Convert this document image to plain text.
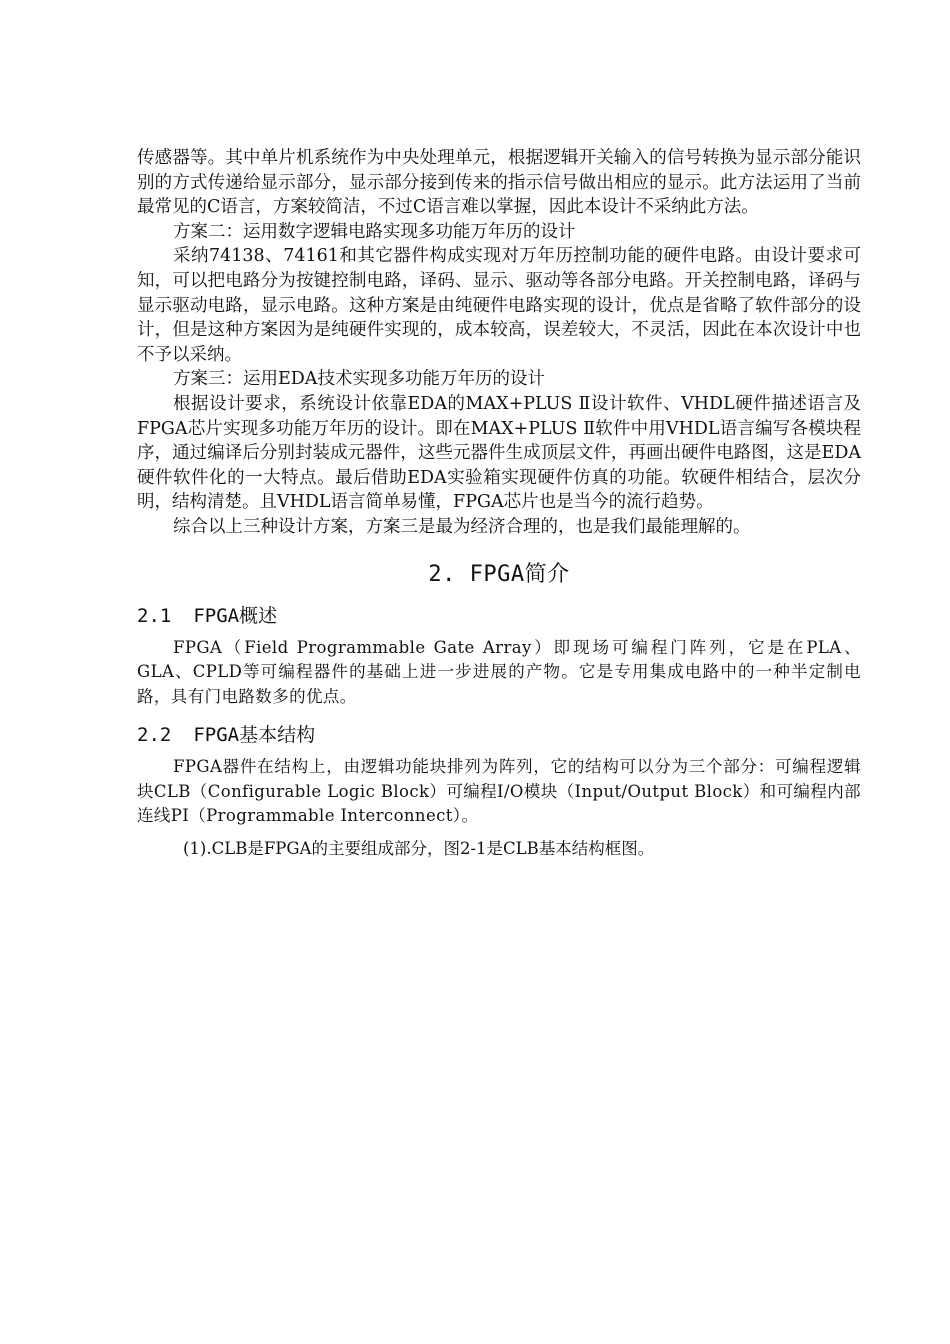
传感器等。其中单片机系统作为中央处理单元，根据逻辑开关输入的信号转换为显示部分能识别的方式传递给显示部分，显示部分接到传来的指示信号做出相应的显示。此方法运用了当前最常见的C语言，方案较简洁，不过C语言难以掌握，因此本设计不采纳此方法。

方案二：运用数字逻辑电路实现多功能万年历的设计

采纳74138、74161和其它器件构成实现对万年历控制功能的硬件电路。由设计要求可知，可以把电路分为按键控制电路，译码、显示、驱动等各部分电路。开关控制电路，译码与显示驱动电路，显示电路。这种方案是由纯硬件电路实现的设计，优点是省略了软件部分的设计，但是这种方案因为是纯硬件实现的，成本较高，误差较大，不灵活，因此在本次设计中也不予以采纳。

方案三：运用EDA技术实现多功能万年历的设计

根据设计要求，系统设计依靠EDA的MAX+PLUS Ⅱ设计软件、VHDL硬件描述语言及FPGA芯片实现多功能万年历的设计。即在MAX+PLUS Ⅱ软件中用VHDL语言编写各模块程序，通过编译后分别封装成元器件，这些元器件生成顶层文件，再画出硬件电路图，这是EDA硬件软件化的一大特点。最后借助EDA实验箱实现硬件仿真的功能。软硬件相结合，层次分明，结构清楚。且VHDL语言简单易懂，FPGA芯片也是当今的流行趋势。

综合以上三种设计方案，方案三是最为经济合理的，也是我们最能理解的。

2. FPGA简介
2.1 FPGA概述

FPGA（Field Programmable Gate Array）即现场可编程门阵列，它是在PLA、GLA、CPLD等可编程器件的基础上进一步进展的产物。它是专用集成电路中的一种半定制电路，具有门电路数多的优点。

2.2 FPGA基本结构

FPGA器件在结构上，由逻辑功能块排列为阵列，它的结构可以分为三个部分：可编程逻辑块CLB（Configurable Logic Block）可编程I/O模块（Input/Output Block）和可编程内部连线PI（Programmable Interconnect）。

(1).CLB是FPGA的主要组成部分，图2-1是CLB基本结构框图。
